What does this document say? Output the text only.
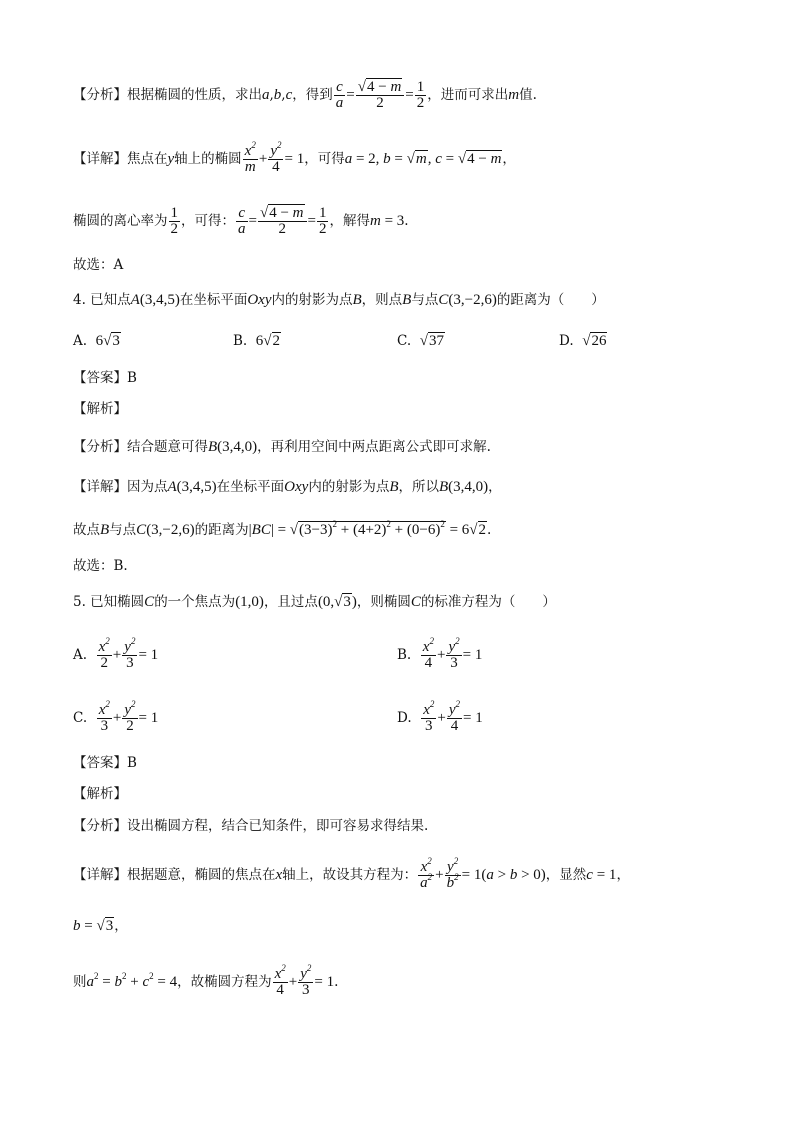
【分析】根据椭圆的性质，求出a,b,c，得到 $\frac{c}{a} = \frac{√4 - m}{2} = \frac{1}{2}$ ，进而可求出m值.
【详解】焦点在y轴上的椭圆 $\frac{x^2}{m} + \frac{y^2}{4} = 1$，可得a = 2, b = √m, c = √4 − m，
椭圆的离心率为 $\frac{1}{2}$ ，可得： $\frac{c}{a} = \frac{√4 - m}{2} = \frac{1}{2}$ ，解得m = 3.
故选：A
4. 已知点A(3,4,5)在坐标平面Oxy内的射影为点B，则点B与点C(3,−2,6)的距离为（　　）
A.  6√3	B.  6√2	C.  √37	D.  √26
【答案】B
【解析】
【分析】结合题意可得B(3,4,0)，再利用空间中两点距离公式即可求解.
【详解】因为点A(3,4,5)在坐标平面Oxy内的射影为点B，所以B(3,4,0)，
故点B与点C(3,−2,6)的距离为$|BC| = √(3-3)^2 + (4+2)^2 + (0-6)^2 = 6√2$.
故选：B.
5. 已知椭圆C的一个焦点为(1,0)，且过点(0,√3)，则椭圆C的标准方程为（　　）
A. $\frac{x^2}{2} + \frac{y^2}{3} = 1$	B. $\frac{x^2}{4} + \frac{y^2}{3} = 1$
C. $\frac{x^2}{3} + \frac{y^2}{2} = 1$	D. $\frac{x^2}{3} + \frac{y^2}{4} = 1$
【答案】B
【解析】
【分析】设出椭圆方程，结合已知条件，即可容易求得结果.
【详解】根据题意，椭圆的焦点在x轴上，故设其方程为： $\frac{x^2}{a^2} + \frac{y^2}{b^2} = 1(a > b > 0)$，显然c = 1，
b = √3，
则$a^2 = b^2 + c^2 = 4$，故椭圆方程为 $\frac{x^2}{4} + \frac{y^2}{3} = 1$.
